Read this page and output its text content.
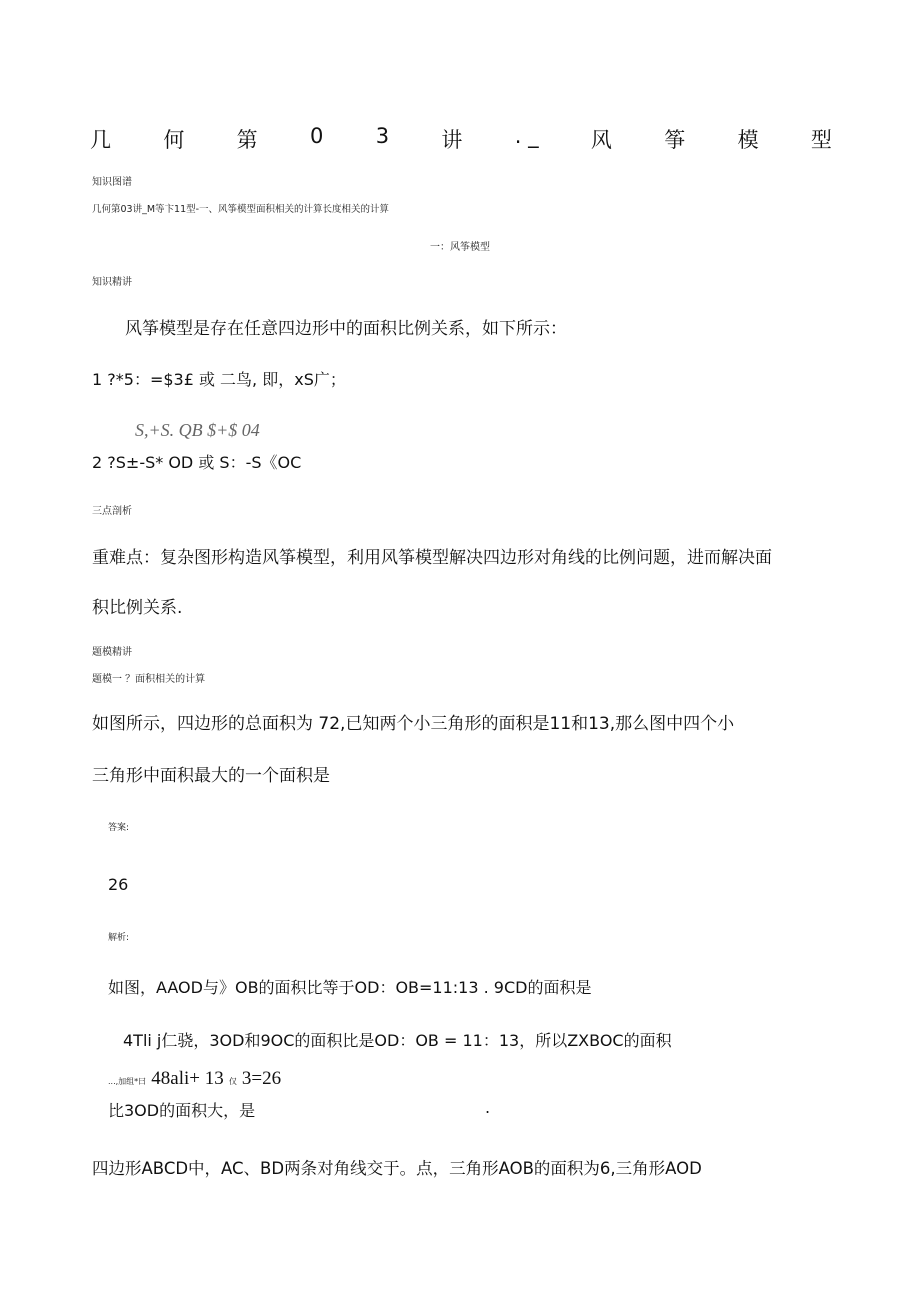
几 何 第 0 3 讲 . _ 风 筝 模 型
知识图谱
几何第03讲_M等卞11型-一、风筝模型面积相关的计算长度相关的计算
一：风筝模型
知识精讲
风筝模型是存在任意四边形中的面积比例关系，如下所示：
1 ?*5：=$3£ 或 二鸟, 即，xS广；
S,+S. QB $+$ 04
2 ?S±-S* OD 或 S：-S《OC
三点剖析
重难点：复杂图形构造风筝模型，利用风筝模型解决四边形对角线的比例问题，进而解决面
积比例关系.
题模精讲
题模一 ？面积相关的计算
如图所示，四边形的总面积为 72,已知两个小三角形的面积是11和13,那么图中四个小
三角形中面积最大的一个面积是
答案:
26
解析:
如图，AAOD与》OB的面积比等于OD：OB=11:13 . 9CD的面积是
4Tli j仁骁，3OD和9OC的面积比是OD：OB = 11：13，所以ZXBOC的面积
...,加组*曰 48ali+ 13 仅 3=26
比3OD的面积大，是	.
四边形ABCD中，AC、BD两条对角线交于。点，三角形AOB的面积为6,三角形AOD
